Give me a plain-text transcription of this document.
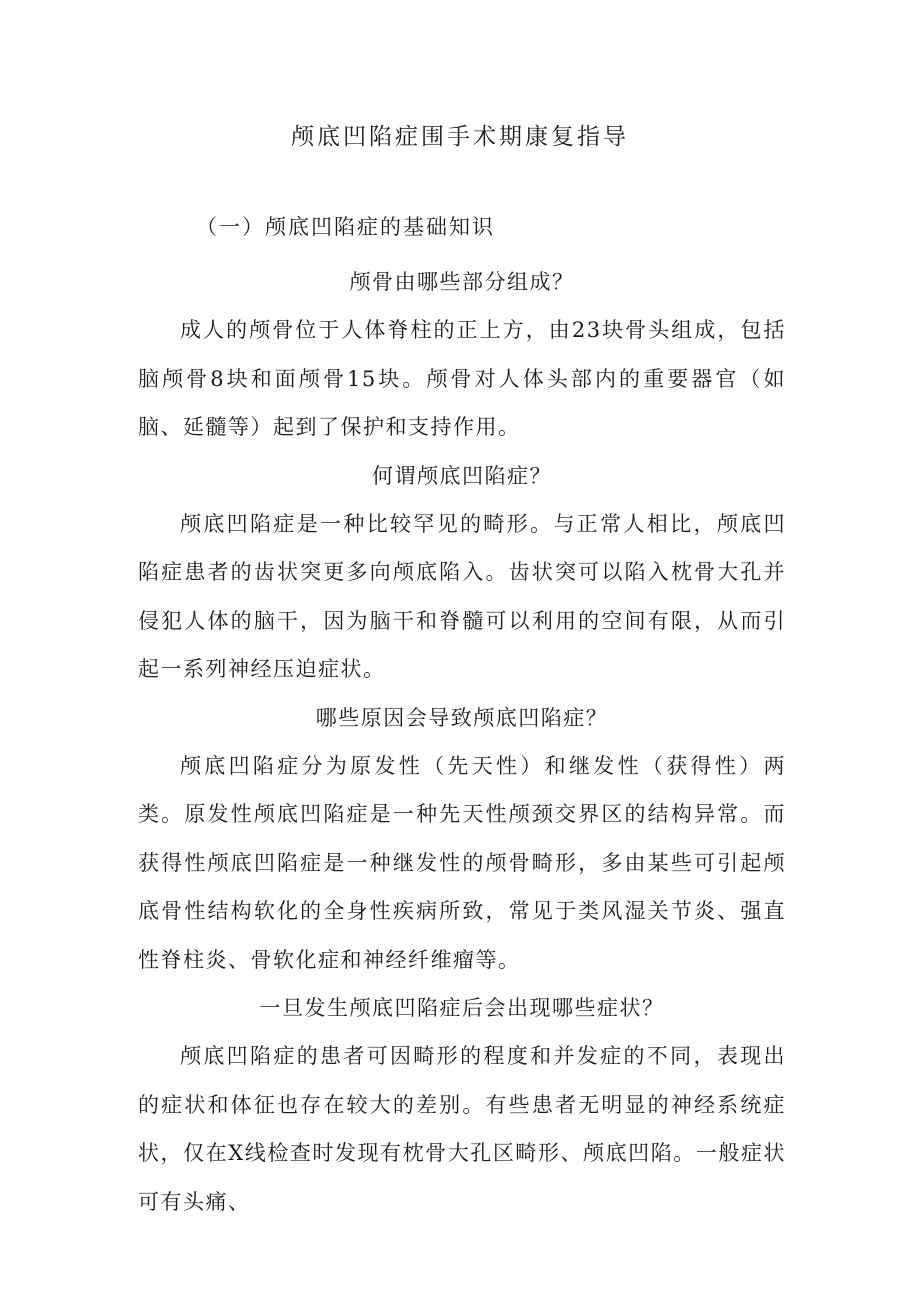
颅底凹陷症围手术期康复指导
（一）颅底凹陷症的基础知识
颅骨由哪些部分组成？

成人的颅骨位于人体脊柱的正上方，由23块骨头组成，包括脑颅骨8块和面颅骨15块。颅骨对人体头部内的重要器官（如脑、延髓等）起到了保护和支持作用。

何谓颅底凹陷症？

颅底凹陷症是一种比较罕见的畸形。与正常人相比，颅底凹陷症患者的齿状突更多向颅底陷入。齿状突可以陷入枕骨大孔并侵犯人体的脑干，因为脑干和脊髓可以利用的空间有限，从而引起一系列神经压迫症状。

哪些原因会导致颅底凹陷症？

颅底凹陷症分为原发性（先天性）和继发性（获得性）两类。原发性颅底凹陷症是一种先天性颅颈交界区的结构异常。而获得性颅底凹陷症是一种继发性的颅骨畸形，多由某些可引起颅底骨性结构软化的全身性疾病所致，常见于类风湿关节炎、强直性脊柱炎、骨软化症和神经纤维瘤等。

一旦发生颅底凹陷症后会出现哪些症状？

颅底凹陷症的患者可因畸形的程度和并发症的不同，表现出的症状和体征也存在较大的差别。有些患者无明显的神经系统症状，仅在X线检查时发现有枕骨大孔区畸形、颅底凹陷。一般症状可有头痛、
